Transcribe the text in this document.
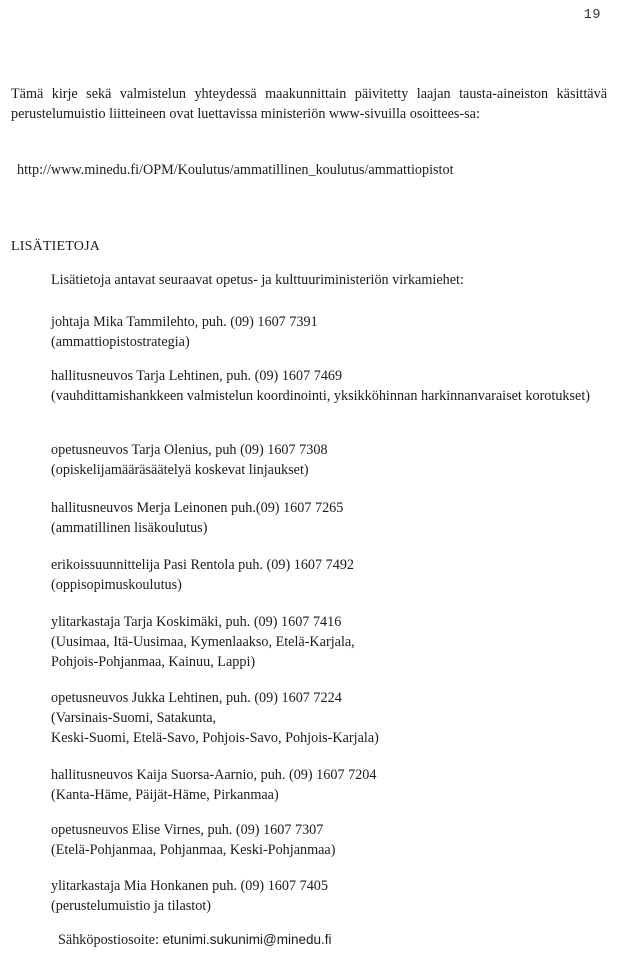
19

Tämä kirje sekä valmistelun yhteydessä maakunnittain päivitetty laajan tausta-aineiston käsittävä perustelumuistio liitteineen ovat luettavissa ministeriön www-sivuilla osoittees-sa:

http://www.minedu.fi/OPM/Koulutus/ammatillinen_koulutus/ammattiopistot

LISÄTIETOJA

Lisätietoja antavat seuraavat opetus- ja kulttuuriministeriön virkamiehet:

johtaja Mika Tammilehto, puh. (09) 1607 7391
(ammattiopistostrategia)
hallitusneuvos Tarja Lehtinen, puh. (09) 1607 7469
(vauhdittamishankkeen valmistelun koordinointi, yksikköhinnan harkinnanvaraiset korotukset)
opetusneuvos Tarja Olenius, puh (09) 1607 7308
(opiskelijamääräsäätelyä koskevat linjaukset)
hallitusneuvos Merja Leinonen puh.(09) 1607 7265
(ammatillinen lisäkoulutus)
erikoissuunnittelija Pasi Rentola puh. (09) 1607 7492
(oppisopimuskoulutus)
ylitarkastaja Tarja Koskimäki, puh. (09) 1607 7416
(Uusimaa, Itä-Uusimaa, Kymenlaakso, Etelä-Karjala,
Pohjois-Pohjanmaa, Kainuu, Lappi)
opetusneuvos Jukka Lehtinen, puh. (09) 1607 7224
(Varsinais-Suomi, Satakunta,
Keski-Suomi, Etelä-Savo, Pohjois-Savo, Pohjois-Karjala)
hallitusneuvos Kaija Suorsa-Aarnio, puh. (09) 1607 7204
(Kanta-Häme, Päijät-Häme, Pirkanmaa)
opetusneuvos Elise Virnes, puh. (09) 1607 7307
(Etelä-Pohjanmaa, Pohjanmaa, Keski-Pohjanmaa)
ylitarkastaja Mia Honkanen puh. (09) 1607 7405
(perustelumuistio ja tilastot)

Sähköpostiosoite: etunimi.sukunimi@minedu.fi
